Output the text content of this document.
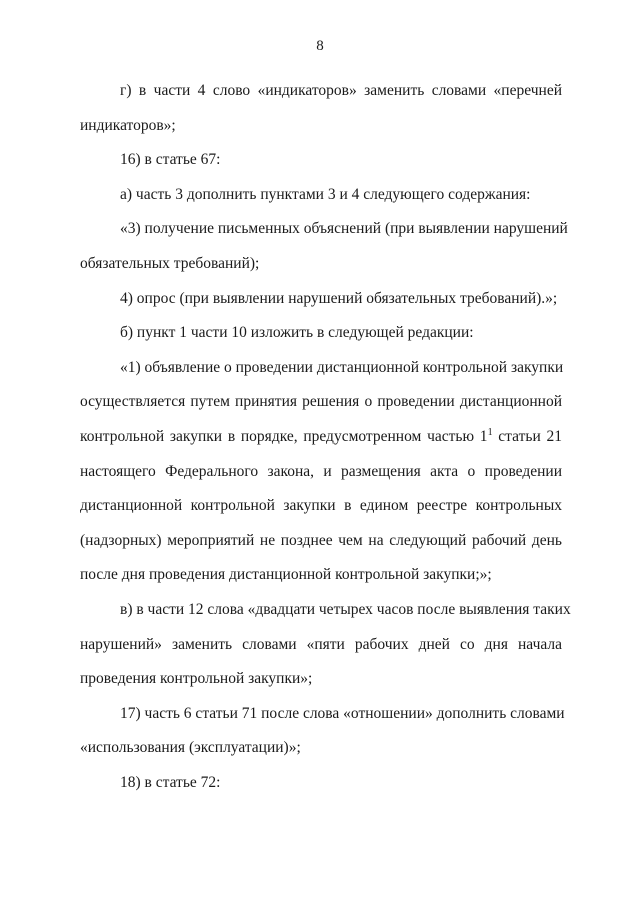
8
г) в части 4 слово «индикаторов» заменить словами «перечней
индикаторов»;
16) в статье 67:
а) часть 3 дополнить пунктами 3 и 4 следующего содержания:
«3) получение письменных объяснений (при выявлении нарушений
обязательных требований);
4) опрос (при выявлении нарушений обязательных требований).»;
б) пункт 1 части 10 изложить в следующей редакции:
«1) объявление о проведении дистанционной контрольной закупки
осуществляется путем принятия решения о проведении дистанционной
контрольной закупки в порядке, предусмотренном частью $1^1$ статьи 21
настоящего Федерального закона, и размещения акта о проведении
дистанционной контрольной закупки в едином реестре контрольных
(надзорных) мероприятий не позднее чем на следующий рабочий день
после дня проведения дистанционной контрольной закупки;»;
в) в части 12 слова «двадцати четырех часов после выявления таких
нарушений» заменить словами «пяти рабочих дней со дня начала
проведения контрольной закупки»;
17) часть 6 статьи 71 после слова «отношении» дополнить словами
«использования (эксплуатации)»;
18) в статье 72:
